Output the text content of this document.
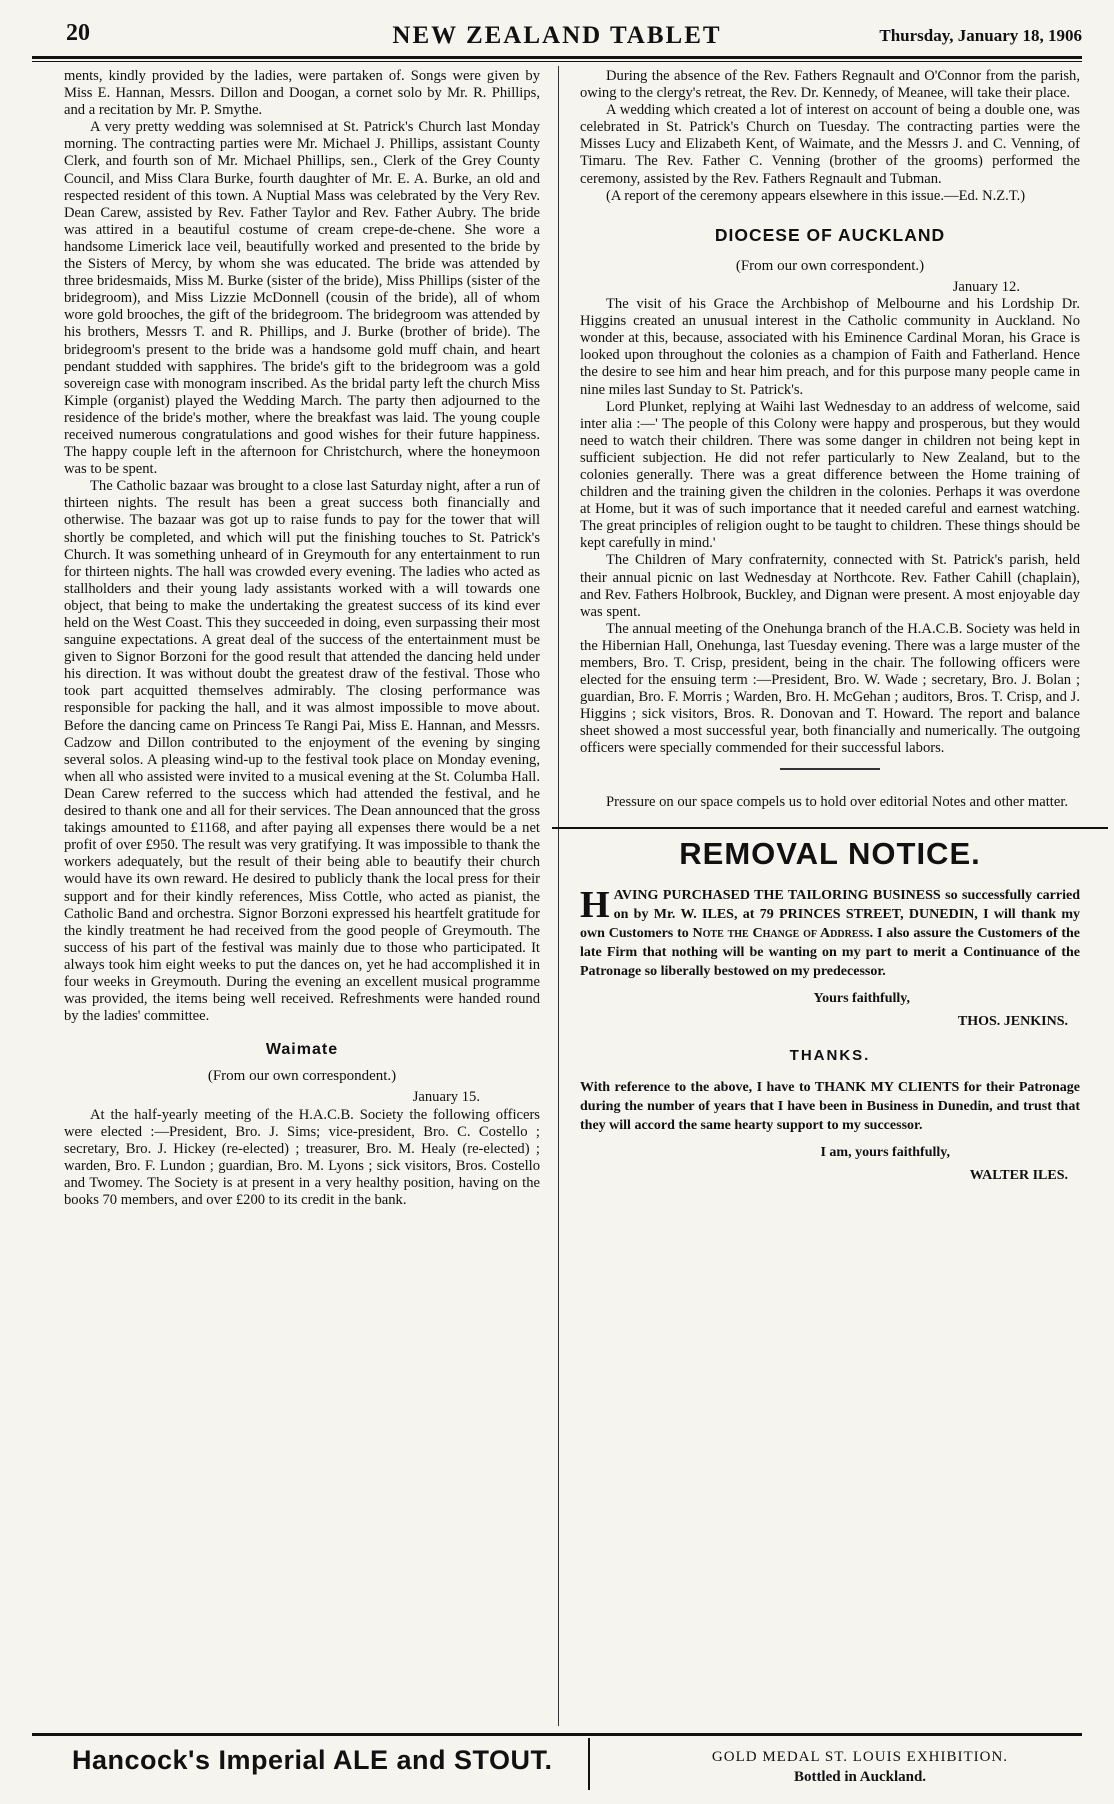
20	NEW ZEALAND TABLET	Thursday, January 18, 1906

ments, kindly provided by the ladies, were partaken of. Songs were given by Miss E. Hannan, Messrs. Dillon and Doogan, a cornet solo by Mr. R. Phillips, and a recitation by Mr. P. Smythe.

A very pretty wedding was solemnised at St. Patrick's Church last Monday morning. The contracting parties were Mr. Michael J. Phillips, assistant County Clerk, and fourth son of Mr. Michael Phillips, sen., Clerk of the Grey County Council, and Miss Clara Burke, fourth daughter of Mr. E. A. Burke, an old and respected resident of this town. A Nuptial Mass was celebrated by the Very Rev. Dean Carew, assisted by Rev. Father Taylor and Rev. Father Aubry. The bride was attired in a beautiful costume of cream crepe-de-chene. She wore a handsome Limerick lace veil, beautifully worked and presented to the bride by the Sisters of Mercy, by whom she was educated. The bride was attended by three bridesmaids, Miss M. Burke (sister of the bride), Miss Phillips (sister of the bridegroom), and Miss Lizzie McDonnell (cousin of the bride), all of whom wore gold brooches, the gift of the bridegroom. The bridegroom was attended by his brothers, Messrs T. and R. Phillips, and J. Burke (brother of bride). The bridegroom's present to the bride was a handsome gold muff chain, and heart pendant studded with sapphires. The bride's gift to the bridegroom was a gold sovereign case with monogram inscribed. As the bridal party left the church Miss Kimple (organist) played the Wedding March. The party then adjourned to the residence of the bride's mother, where the breakfast was laid. The young couple received numerous congratulations and good wishes for their future happiness. The happy couple left in the afternoon for Christchurch, where the honeymoon was to be spent.

The Catholic bazaar was brought to a close last Saturday night, after a run of thirteen nights. The result has been a great success both financially and otherwise. The bazaar was got up to raise funds to pay for the tower that will shortly be completed, and which will put the finishing touches to St. Patrick's Church. It was something unheard of in Greymouth for any entertainment to run for thirteen nights. The hall was crowded every evening. The ladies who acted as stallholders and their young lady assistants worked with a will towards one object, that being to make the undertaking the greatest success of its kind ever held on the West Coast. This they succeeded in doing, even surpassing their most sanguine expectations. A great deal of the success of the entertainment must be given to Signor Borzoni for the good result that attended the dancing held under his direction. It was without doubt the greatest draw of the festival. Those who took part acquitted themselves admirably. The closing performance was responsible for packing the hall, and it was almost impossible to move about. Before the dancing came on Princess Te Rangi Pai, Miss E. Hannan, and Messrs. Cadzow and Dillon contributed to the enjoyment of the evening by singing several solos. A pleasing wind-up to the festival took place on Monday evening, when all who assisted were invited to a musical evening at the St. Columba Hall. Dean Carew referred to the success which had attended the festival, and he desired to thank one and all for their services. The Dean announced that the gross takings amounted to £1168, and after paying all expenses there would be a net profit of over £950. The result was very gratifying. It was impossible to thank the workers adequately, but the result of their being able to beautify their church would have its own reward. He desired to publicly thank the local press for their support and for their kindly references, Miss Cottle, who acted as pianist, the Catholic Band and orchestra. Signor Borzoni expressed his heartfelt gratitude for the kindly treatment he had received from the good people of Greymouth. The success of his part of the festival was mainly due to those who participated. It always took him eight weeks to put the dances on, yet he had accomplished it in four weeks in Greymouth. During the evening an excellent musical programme was provided, the items being well received. Refreshments were handed round by the ladies' committee.

Waimate
(From our own correspondent.)
January 15.

At the half-yearly meeting of the H.A.C.B. Society the following officers were elected :—President, Bro. J. Sims; vice-president, Bro. C. Costello ; secretary, Bro. J. Hickey (re-elected) ; treasurer, Bro. M. Healy (re-elected) ; warden, Bro. F. Lundon ; guardian, Bro. M. Lyons ; sick visitors, Bros. Costello and Twomey. The Society is at present in a very healthy position, having on the books 70 members, and over £200 to its credit in the bank.

During the absence of the Rev. Fathers Regnault and O'Connor from the parish, owing to the clergy's retreat, the Rev. Dr. Kennedy, of Meanee, will take their place.

A wedding which created a lot of interest on account of being a double one, was celebrated in St. Patrick's Church on Tuesday. The contracting parties were the Misses Lucy and Elizabeth Kent, of Waimate, and the Messrs J. and C. Venning, of Timaru. The Rev. Father C. Venning (brother of the grooms) performed the ceremony, assisted by the Rev. Fathers Regnault and Tubman.

(A report of the ceremony appears elsewhere in this issue.—Ed. N.Z.T.)

DIOCESE OF AUCKLAND
(From our own correspondent.)
January 12.

The visit of his Grace the Archbishop of Melbourne and his Lordship Dr. Higgins created an unusual interest in the Catholic community in Auckland. No wonder at this, because, associated with his Eminence Cardinal Moran, his Grace is looked upon throughout the colonies as a champion of Faith and Fatherland. Hence the desire to see him and hear him preach, and for this purpose many people came in nine miles last Sunday to St. Patrick's.

Lord Plunket, replying at Waihi last Wednesday to an address of welcome, said inter alia :—' The people of this Colony were happy and prosperous, but they would need to watch their children. There was some danger in children not being kept in sufficient subjection. He did not refer particularly to New Zealand, but to the colonies generally. There was a great difference between the Home training of children and the training given the children in the colonies. Perhaps it was overdone at Home, but it was of such importance that it needed careful and earnest watching. The great principles of religion ought to be taught to children. These things should be kept carefully in mind.'

The Children of Mary confraternity, connected with St. Patrick's parish, held their annual picnic on last Wednesday at Northcote. Rev. Father Cahill (chaplain), and Rev. Fathers Holbrook, Buckley, and Dignan were present. A most enjoyable day was spent.

The annual meeting of the Onehunga branch of the H.A.C.B. Society was held in the Hibernian Hall, Onehunga, last Tuesday evening. There was a large muster of the members, Bro. T. Crisp, president, being in the chair. The following officers were elected for the ensuing term :—President, Bro. W. Wade ; secretary, Bro. J. Bolan ; guardian, Bro. F. Morris ; Warden, Bro. H. McGehan ; auditors, Bros. T. Crisp, and J. Higgins ; sick visitors, Bros. R. Donovan and T. Howard. The report and balance sheet showed a most successful year, both financially and numerically. The outgoing officers were specially commended for their successful labors.

Pressure on our space compels us to hold over editorial Notes and other matter.

REMOVAL NOTICE.
HAVING PURCHASED THE TAILORING BUSINESS so successfully carried on by Mr. W. ILES, at 79 PRINCES STREET, DUNEDIN, I will thank my own Customers to Note the Change of Address. I also assure the Customers of the late Firm that nothing will be wanting on my part to merit a Continuance of the Patronage so liberally bestowed on my predecessor.
Yours faithfully,
THOS. JENKINS.
THANKS.
With reference to the above, I have to THANK MY CLIENTS for their Patronage during the number of years that I have been in Business in Dunedin, and trust that they will accord the same hearty support to my successor.
I am, yours faithfully,
WALTER ILES.
Hancock's Imperial ALE and STOUT.	GOLD MEDAL ST. LOUIS EXHIBITION.
Bottled in Auckland.
